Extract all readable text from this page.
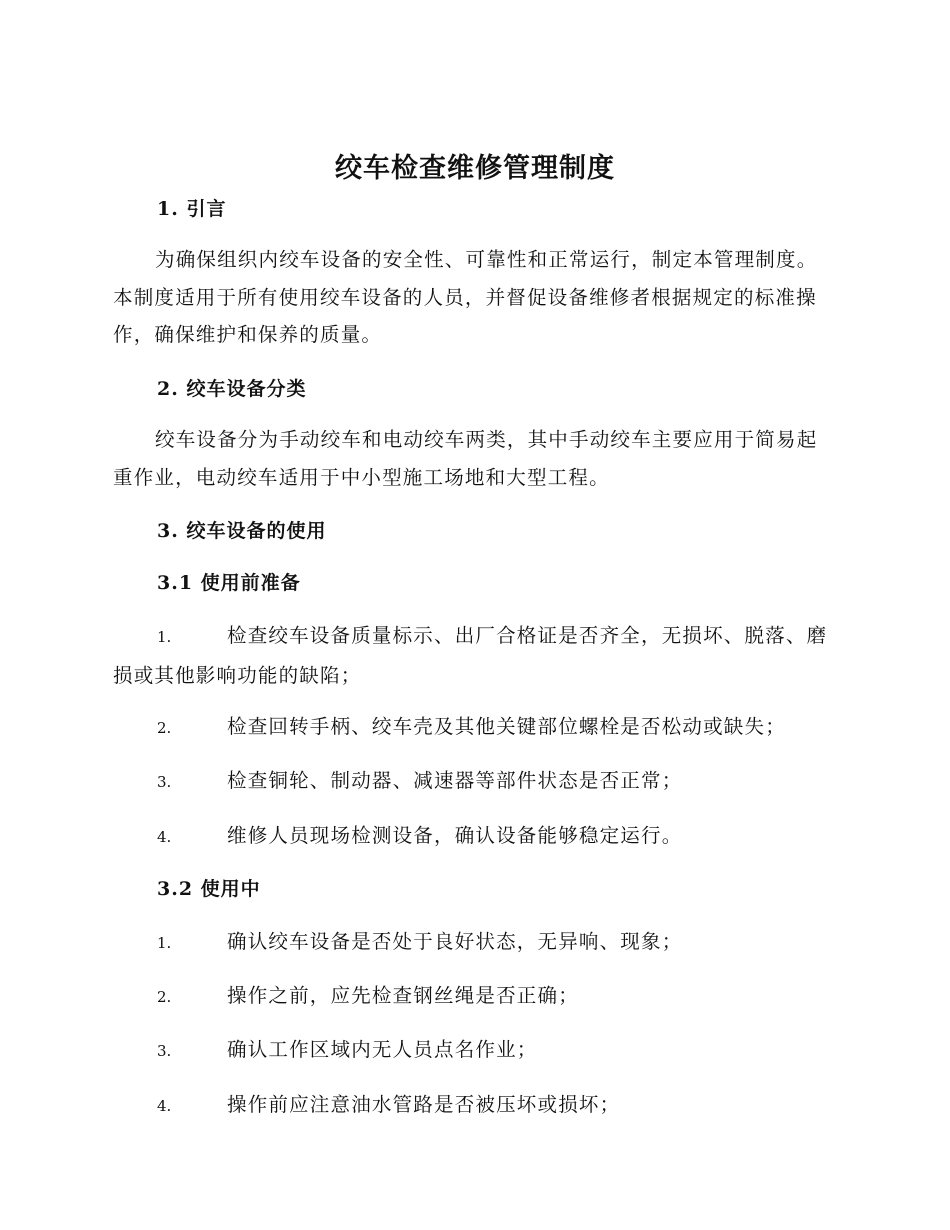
绞车检查维修管理制度
1. 引言

为确保组织内绞车设备的安全性、可靠性和正常运行，制定本管理制度。本制度适用于所有使用绞车设备的人员，并督促设备维修者根据规定的标准操作，确保维护和保养的质量。

2. 绞车设备分类

绞车设备分为手动绞车和电动绞车两类，其中手动绞车主要应用于简易起重作业，电动绞车适用于中小型施工场地和大型工程。

3. 绞车设备的使用
3.1 使用前准备

1.	检查绞车设备质量标示、出厂合格证是否齐全，无损坏、脱落、磨损或其他影响功能的缺陷；

2.	检查回转手柄、绞车壳及其他关键部位螺栓是否松动或缺失；

3.	检查铜轮、制动器、减速器等部件状态是否正常；

4.	维修人员现场检测设备，确认设备能够稳定运行。

3.2 使用中

1.	确认绞车设备是否处于良好状态，无异响、现象；

2.	操作之前，应先检查钢丝绳是否正确；

3.	确认工作区域内无人员点名作业；

4.	操作前应注意油水管路是否被压坏或损坏；
